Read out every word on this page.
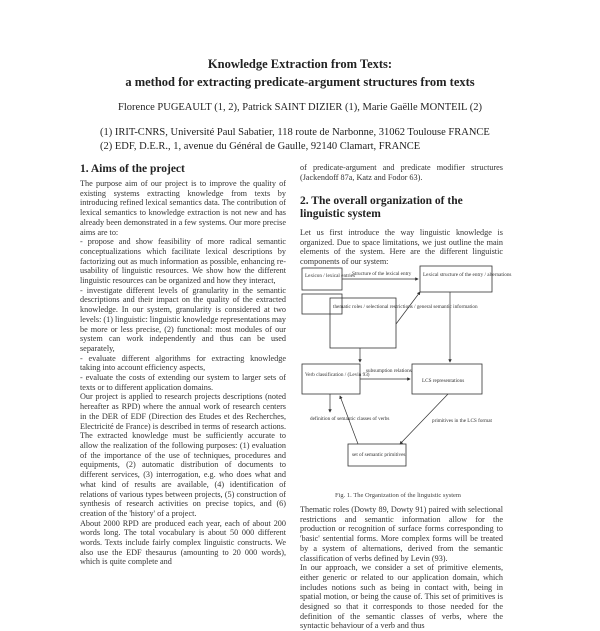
Knowledge Extraction from Texts:
a method for extracting predicate-argument structures from texts
Florence PUGEAULT (1, 2), Patrick SAINT DIZIER (1), Marie Gaëlle MONTEIL (2)
(1) IRIT-CNRS, Université Paul Sabatier, 118 route de Narbonne, 31062 Toulouse FRANCE
(2) EDF, D.E.R., 1, avenue du Général de Gaulle, 92140 Clamart, FRANCE
1. Aims of the project

The purpose aim of our project is to improve the quality of existing systems extracting knowledge from texts by introducing refined lexical semantics data. The contribution of lexical semantics to knowledge extraction is not new and has already been demonstrated in a few systems. Our more precise aims are to:

- propose and show feasibility of more radical semantic conceptualizations which facilitate lexical descriptions by factorizing out as much information as possible, enhancing re-usability of linguistic resources. We show how the different linguistic resources can be organized and how they interact,

- investigate different levels of granularity in the semantic descriptions and their impact on the quality of the extracted knowledge. In our system, granularity is considered at two levels: (1) linguistic: linguistic knowledge representations may be more or less precise, (2) functional: most modules of our system can work independently and thus can be used separately,

- evaluate different algorithms for extracting knowledge taking into account efficiency aspects,

- evaluate the costs of extending our system to larger sets of texts or to different application domains.

Our project is applied to research projects descriptions (noted hereafter as RPD) where the annual work of research centers in the DER of EDF (Direction des Etudes et des Recherches, Electricité de France) is described in terms of research actions. The extracted knowledge must be sufficiently accurate to allow the realization of the following purposes: (1) evaluation of the importance of the use of techniques, procedures and equipments, (2) automatic distribution of documents to different services, (3) interrogation, e.g. who does what and what kind of results are available, (4) identification of relations of various types between projects, (5) construction of synthesis of research activities on precise topics, and (6) creation of the 'history' of a project.

About 2000 RPD are produced each year, each of about 200 words long. The total vocabulary is about 50 000 different words. Texts include fairly complex linguistic constructs. We also use the EDF thesaurus (amounting to 20 000 words), which is quite complete and

of predicate-argument and predicate modifier structures (Jackendoff 87a, Katz and Fodor 63).
2. The overall organization of the linguistic system
Let us first introduce the way linguistic knowledge is organized. Due to space limitations, we just outline the main elements of the system. Here are the different linguistic components of our system:
Lexicon / lexical entries	Lexical structure of the entry / alternations
Structure of the lexical entry
thematic roles / selectional restrictions / general semantic information
Verb classification / (Levin 93)
LCS representations
subsumption relations
definition of semantic classes of verbs
set of semantic primitives
primitives in the LCS format
Fig. 1. The Organization of the linguistic system

Thematic roles (Dowty 89, Dowty 91) paired with selectional restrictions and semantic information allow for the production or recognition of surface forms corresponding to 'basic' sentential forms. More complex forms will be treated by a system of alternations, derived from the semantic classification of verbs defined by Levin (93).

In our approach, we consider a set of primitive elements, either generic or related to our application domain, which includes notions such as being in contact with, being in spatial motion, or being the cause of. This set of primitives is designed so that it corresponds to those needed for the definition of the semantic classes of verbs, where the syntactic behaviour of a verb and thus
